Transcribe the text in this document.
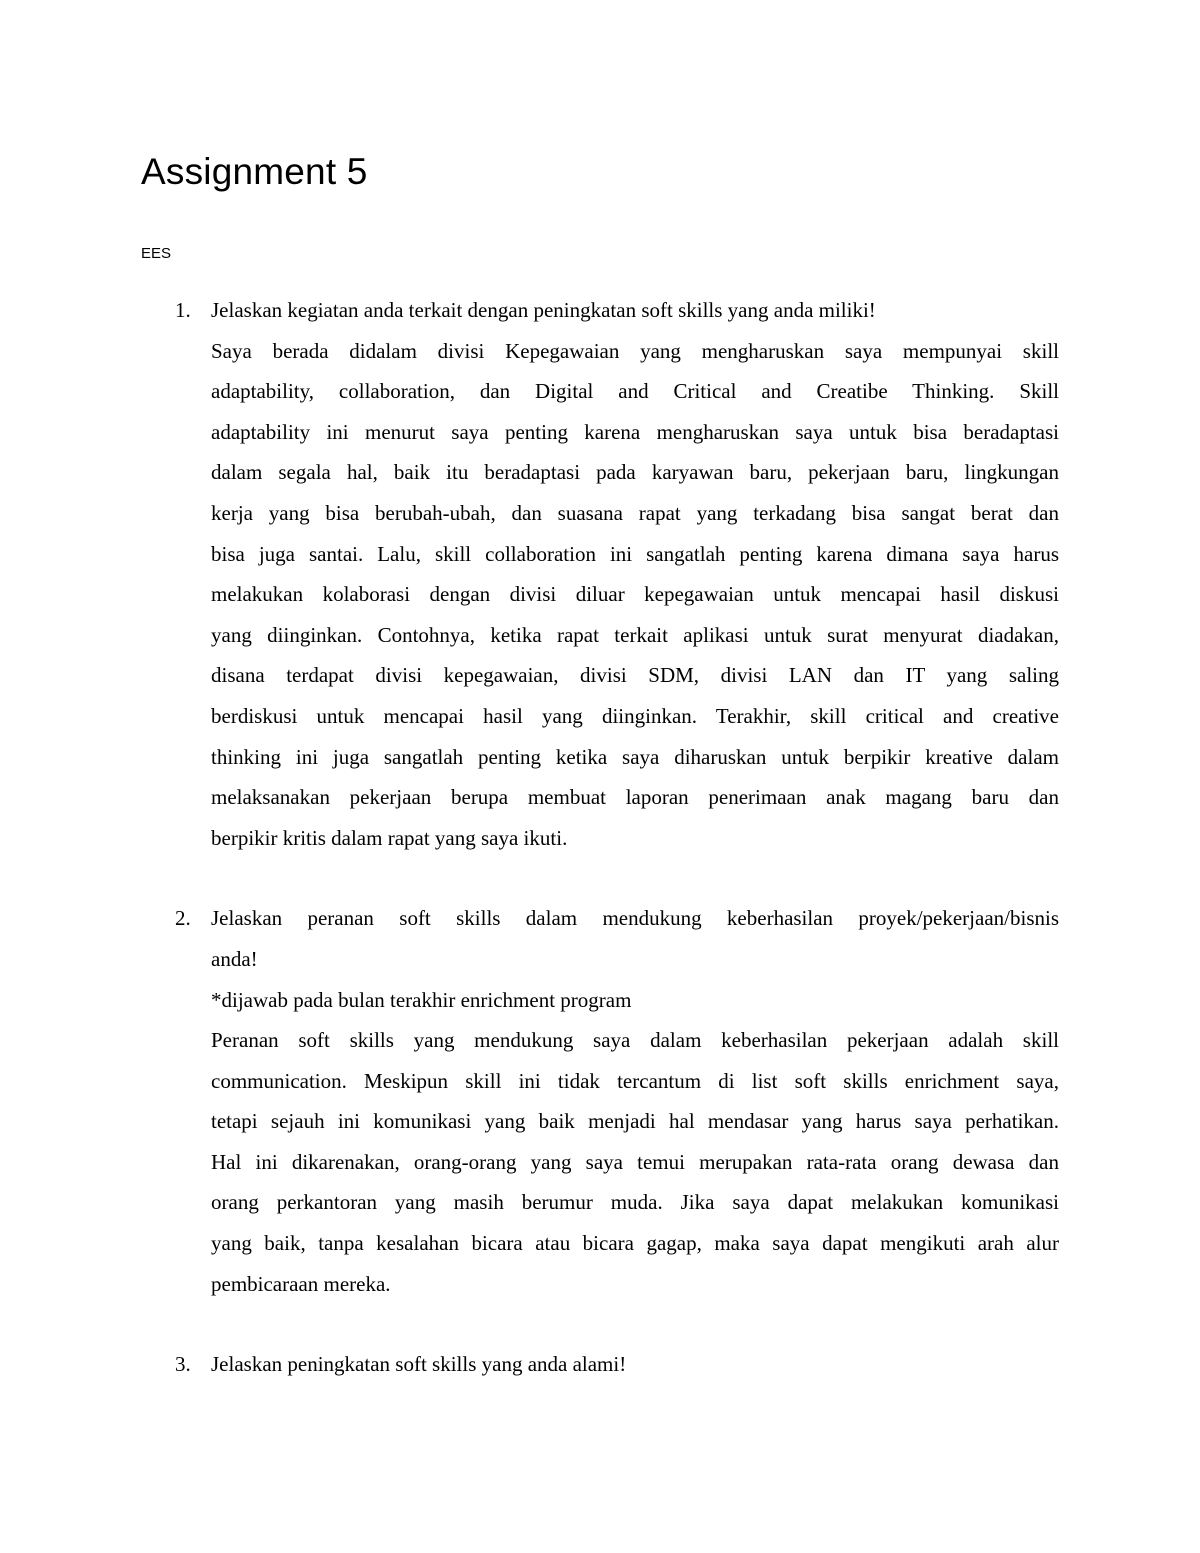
Assignment 5
EES
1. Jelaskan kegiatan anda terkait dengan peningkatan soft skills yang anda miliki!
Saya berada didalam divisi Kepegawaian yang mengharuskan saya mempunyai skill
adaptability, collaboration, dan Digital and Critical and Creatibe Thinking. Skill
adaptability ini menurut saya penting karena mengharuskan saya untuk bisa beradaptasi
dalam segala hal, baik itu beradaptasi pada karyawan baru, pekerjaan baru, lingkungan
kerja yang bisa berubah-ubah, dan suasana rapat yang terkadang bisa sangat berat dan
bisa juga santai. Lalu, skill collaboration ini sangatlah penting karena dimana saya harus
melakukan kolaborasi dengan divisi diluar kepegawaian untuk mencapai hasil diskusi
yang diinginkan. Contohnya, ketika rapat terkait aplikasi untuk surat menyurat diadakan,
disana terdapat divisi kepegawaian, divisi SDM, divisi LAN dan IT yang saling
berdiskusi untuk mencapai hasil yang diinginkan. Terakhir, skill critical and creative
thinking ini juga sangatlah penting ketika saya diharuskan untuk berpikir kreative dalam
melaksanakan pekerjaan berupa membuat laporan penerimaan anak magang baru dan
berpikir kritis dalam rapat yang saya ikuti.
2. Jelaskan peranan soft skills dalam mendukung keberhasilan proyek/pekerjaan/bisnis
anda!
*dijawab pada bulan terakhir enrichment program
Peranan soft skills yang mendukung saya dalam keberhasilan pekerjaan adalah skill
communication. Meskipun skill ini tidak tercantum di list soft skills enrichment saya,
tetapi sejauh ini komunikasi yang baik menjadi hal mendasar yang harus saya perhatikan.
Hal ini dikarenakan, orang-orang yang saya temui merupakan rata-rata orang dewasa dan
orang perkantoran yang masih berumur muda. Jika saya dapat melakukan komunikasi
yang baik, tanpa kesalahan bicara atau bicara gagap, maka saya dapat mengikuti arah alur
pembicaraan mereka.
3. Jelaskan peningkatan soft skills yang anda alami!
